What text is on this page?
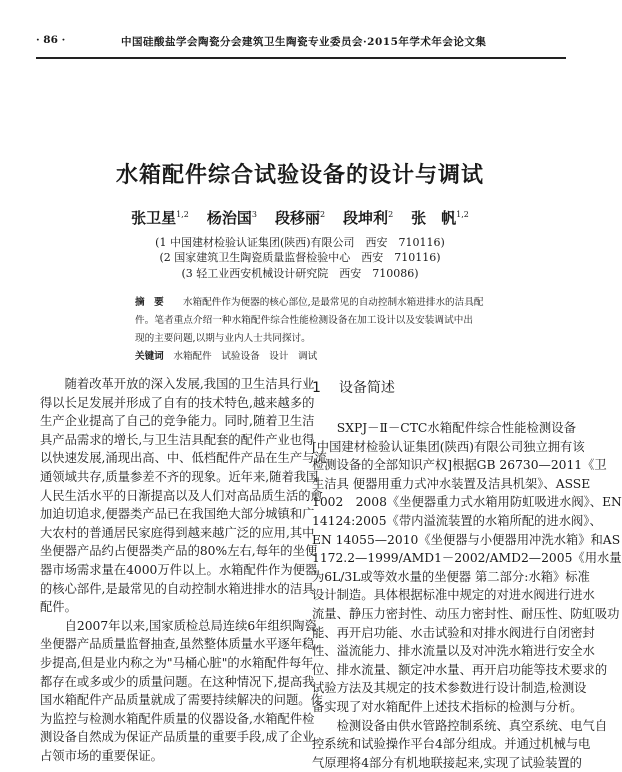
· 86 ·	中国硅酸盐学会陶瓷分会建筑卫生陶瓷专业委员会·2015年学术年会论文集
水箱配件综合试验设备的设计与调试
张卫星$^{1,2}$ 杨治国$^3$ 段移丽$^2$ 段坤利$^2$ 张　帆$^{1,2}$
(1 中国建材检验认证集团(陕西)有限公司　西安　710116)
(2 国家建筑卫生陶瓷质量监督检验中心　西安　710116)
(3 轻工业西安机械设计研究院　西安　710086)
摘　要　　 水箱配件作为便器的核心部位,是最常见的自动控制水箱进排水的洁具配
件。笔者重点介绍一种水箱配件综合性能检测设备在加工设计以及安装调试中出
现的主要问题,以期与业内人士共同探讨。
关键词　 水箱配件　试验设备　设计　调试
　　随着改革开放的深入发展,我国的卫生洁具行业
得以长足发展并形成了自有的技术特色,越来越多的
生产企业提高了自己的竞争能力。同时,随着卫生洁
具产品需求的增长,与卫生洁具配套的配件产业也得
以快速发展,涌现出高、中、低档配件产品在生产与流
通领域共存,质量参差不齐的现象。近年来,随着我国
人民生活水平的日渐提高以及人们对高品质生活的愈
加迫切追求,便器类产品已在我国绝大部分城镇和广
大农村的普通居民家庭得到越来越广泛的应用,其中
坐便器产品约占便器类产品的80%左右,每年的坐便
器市场需求量在4000万件以上。水箱配件作为便器
的核心部件,是最常见的自动控制水箱进排水的洁具
配件。
　　自2007年以来,国家质检总局连续6年组织陶瓷
坐便器产品质量监督抽查,虽然整体质量水平逐年稳
步提高,但是业内称之为"马桶心脏"的水箱配件每年
都存在或多或少的质量问题。在这种情况下,提高我
国水箱配件产品质量就成了需要持续解决的问题。作
为监控与检测水箱配件质量的仪器设备,水箱配件检
测设备自然成为保证产品质量的重要手段,成了企业
占领市场的重要保证。
1 设备简述
　　SXPJ－Ⅱ－CTC水箱配件综合性能检测设备
[中国建材检验认证集团(陕西)有限公司独立拥有该
检测设备的全部知识产权]根据GB 26730—2011《卫
生洁具 便器用重力式冲水装置及洁具机架》、ASSE
1002　2008《坐便器重力式水箱用防虹吸进水阀》、EN
14124:2005《带内溢流装置的水箱所配的进水阀》、
EN 14055—2010《坐便器与小便器用冲洗水箱》和AS
1172.2—1999/AMD1－2002/AMD2—2005《用水量
为6L/3L或等效水量的坐便器 第二部分:水箱》标准
设计制造。具体根据标准中规定的对进水阀进行进水
流量、静压力密封性、动压力密封性、耐压性、防虹吸功
能、再开启功能、水击试验和对排水阀进行自闭密封
性、溢流能力、排水流量以及对冲洗水箱进行安全水
位、排水流量、额定冲水量、再开启功能等技术要求的
试验方法及其规定的技术参数进行设计制造,检测设
备实现了对水箱配件上述技术指标的检测与分析。
　　检测设备由供水管路控制系统、真空系统、电气自
控系统和试验操作平台4部分组成。并通过机械与电
气原理将4部分有机地联接起来,实现了试验装置的
